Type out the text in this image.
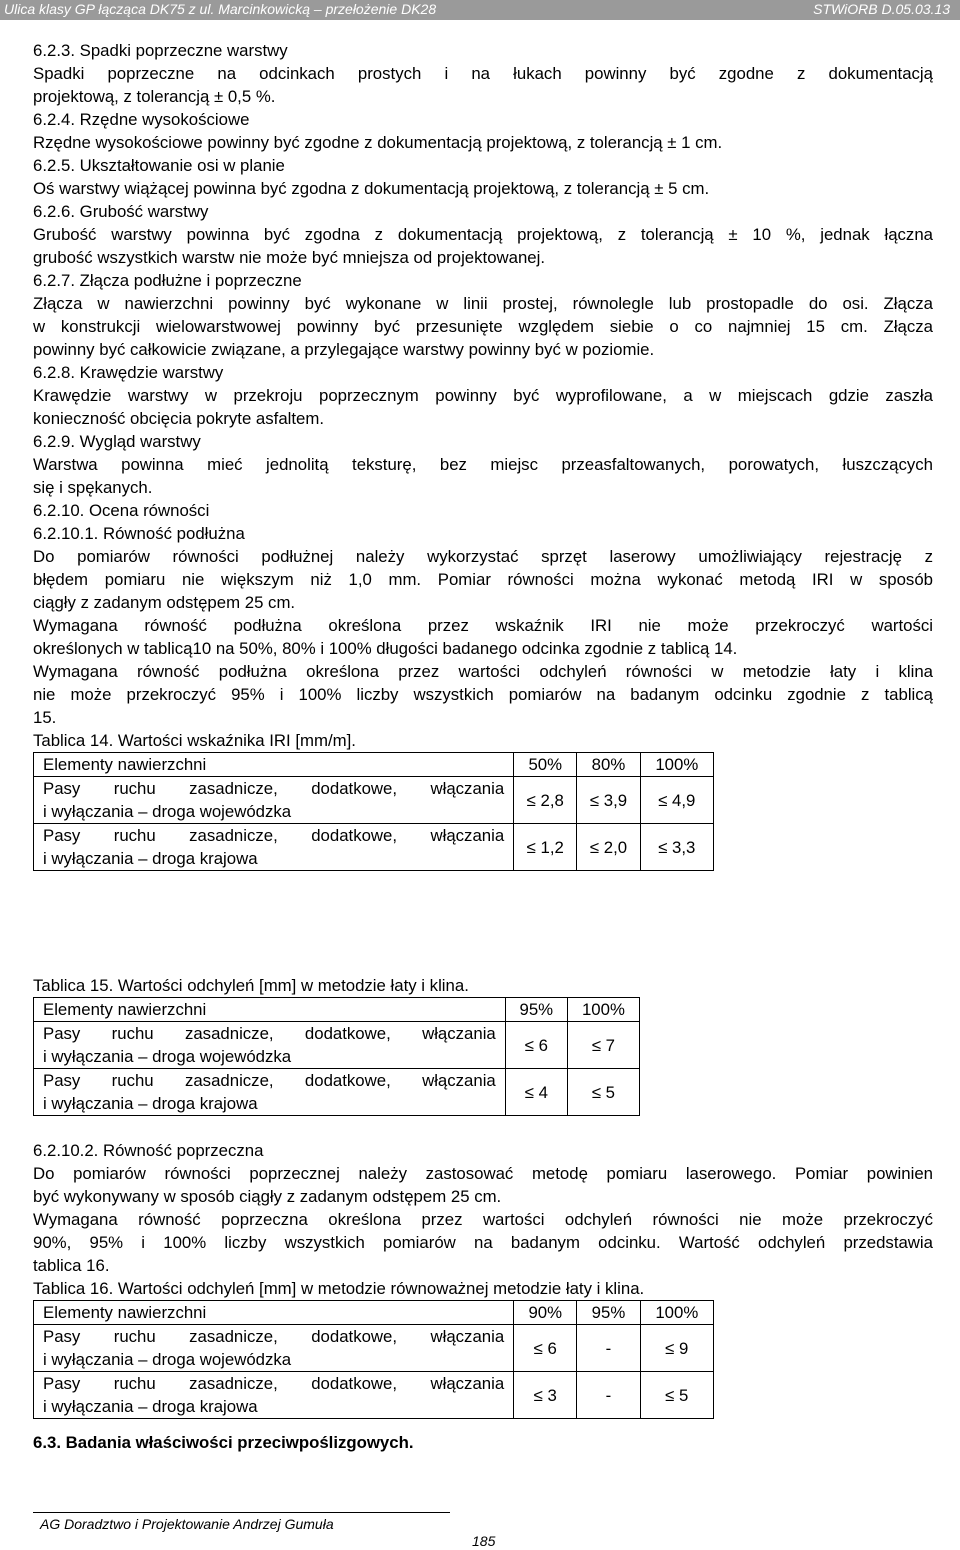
Ulica klasy GP łącząca DK75 z ul. Marcinkowicką – przełożenie DK28	STWiORB D.05.03.13

6.2.3. Spadki poprzeczne warstwy

Spadki poprzeczne na odcinkach prostych i na łukach powinny być zgodne z dokumentacją

projektową, z tolerancją ± 0,5 %.

6.2.4. Rzędne wysokościowe

Rzędne wysokościowe powinny być zgodne z dokumentacją projektową, z tolerancją ± 1 cm.

6.2.5. Ukształtowanie osi w planie

Oś warstwy wiążącej powinna być zgodna z dokumentacją projektową, z tolerancją ± 5 cm.

6.2.6. Grubość warstwy

Grubość warstwy powinna być zgodna z dokumentacją projektową, z tolerancją ± 10 %, jednak łączna

grubość wszystkich warstw nie może być mniejsza od projektowanej.

6.2.7. Złącza podłużne i poprzeczne

Złącza w nawierzchni powinny być wykonane w linii prostej, równolegle lub prostopadle do osi. Złącza

w konstrukcji wielowarstwowej powinny być przesunięte względem siebie o co najmniej 15 cm. Złącza

powinny być całkowicie związane, a przylegające warstwy powinny być w poziomie.

6.2.8. Krawędzie warstwy

Krawędzie warstwy w przekroju poprzecznym powinny być wyprofilowane, a w miejscach gdzie zaszła

konieczność obcięcia pokryte asfaltem.

6.2.9. Wygląd warstwy

Warstwa powinna mieć jednolitą teksturę, bez miejsc przeasfaltowanych, porowatych, łuszczących

się i spękanych.

6.2.10. Ocena równości

6.2.10.1. Równość podłużna

Do pomiarów równości podłużnej należy wykorzystać sprzęt laserowy umożliwiający rejestrację z

błędem pomiaru nie większym niż 1,0 mm. Pomiar równości można wykonać metodą IRI w sposób

ciągły z zadanym odstępem 25 cm.

Wymagana równość podłużna określona przez wskaźnik IRI nie może przekroczyć wartości

określonych w tablicą10 na 50%, 80% i 100% długości badanego odcinka zgodnie z tablicą 14.

Wymagana równość podłużna określona przez wartości odchyleń równości w metodzie łaty i klina

nie może przekroczyć 95% i 100% liczby wszystkich pomiarów na badanym odcinku zgodnie z tablicą

15.

Tablica 14. Wartości wskaźnika IRI [mm/m].

Elementy nawierzchni	50%	80%	100%

Pasy ruchu zasadnicze, dodatkowe, włączania
i wyłączania – droga wojewódzka	≤ 2,8	≤ 3,9	≤ 4,9

Pasy ruchu zasadnicze, dodatkowe, włączania
i wyłączania – droga krajowa	≤ 1,2	≤ 2,0	≤ 3,3

Tablica 15. Wartości odchyleń [mm] w metodzie łaty i klina.

Elementy nawierzchni	95%	100%

Pasy ruchu zasadnicze, dodatkowe, włączania
i wyłączania – droga wojewódzka	≤ 6	≤ 7

Pasy ruchu zasadnicze, dodatkowe, włączania
i wyłączania – droga krajowa	≤ 4	≤ 5

6.2.10.2. Równość poprzeczna

Do pomiarów równości poprzecznej należy zastosować metodę pomiaru laserowego. Pomiar powinien

być wykonywany w sposób ciągły z zadanym odstępem 25 cm.

Wymagana równość poprzeczna określona przez wartości odchyleń równości nie może przekroczyć

90%, 95% i 100% liczby wszystkich pomiarów na badanym odcinku. Wartość odchyleń przedstawia

tablica 16.

Tablica 16. Wartości odchyleń [mm] w metodzie równoważnej metodzie łaty i klina.

Elementy nawierzchni	90%	95%	100%

Pasy ruchu zasadnicze, dodatkowe, włączania
i wyłączania – droga wojewódzka	≤ 6	-	≤ 9

Pasy ruchu zasadnicze, dodatkowe, włączania
i wyłączania – droga krajowa	≤ 3	-	≤ 5

6.3. Badania właściwości przeciwpoślizgowych.

AG Doradztwo i Projektowanie Andrzej Gumuła
185
